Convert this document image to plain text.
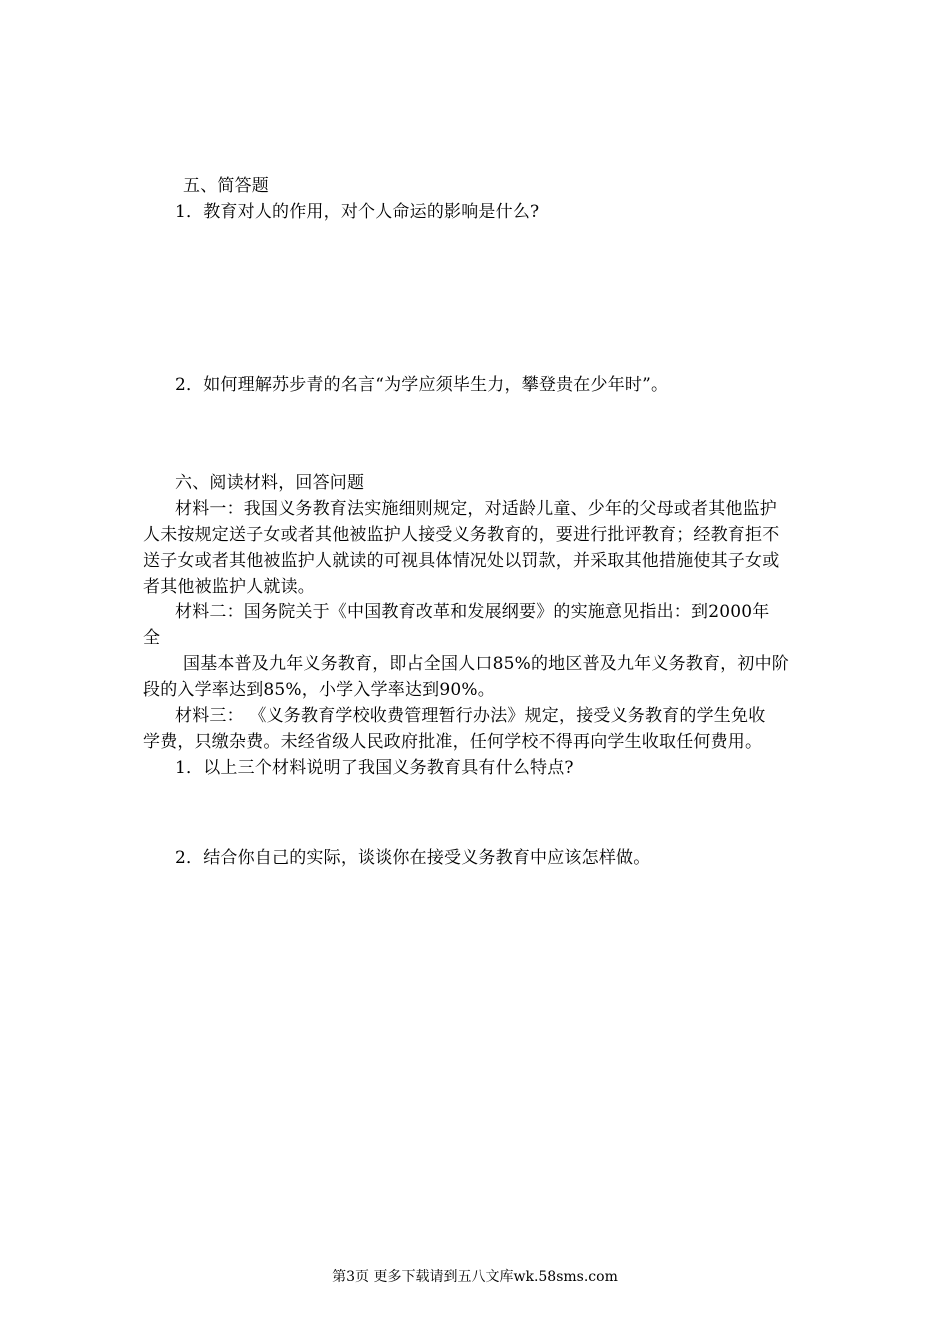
五、简答题
1．教育对人的作用，对个人命运的影响是什么?
2．如何理解苏步青的名言“为学应须毕生力，攀登贵在少年时”。
六、阅读材料，回答问题
材料一：我国义务教育法实施细则规定，对适龄儿童、少年的父母或者其他监护
人未按规定送子女或者其他被监护人接受义务教育的，要进行批评教育；经教育拒不
送子女或者其他被监护人就读的可视具体情况处以罚款，并采取其他措施使其子女或
者其他被监护人就读。
材料二：国务院关于《中国教育改革和发展纲要》的实施意见指出：到2000年
全
国基本普及九年义务教育，即占全国人口85%的地区普及九年义务教育，初中阶
段的入学率达到85%，小学入学率达到90%。
材料三： 《义务教育学校收费管理暂行办法》规定，接受义务教育的学生免收
学费，只缴杂费。未经省级人民政府批准，任何学校不得再向学生收取任何费用。
1．以上三个材料说明了我国义务教育具有什么特点?
2．结合你自己的实际，谈谈你在接受义务教育中应该怎样做。
第3页 更多下载请到五八文库wk.58sms.com
